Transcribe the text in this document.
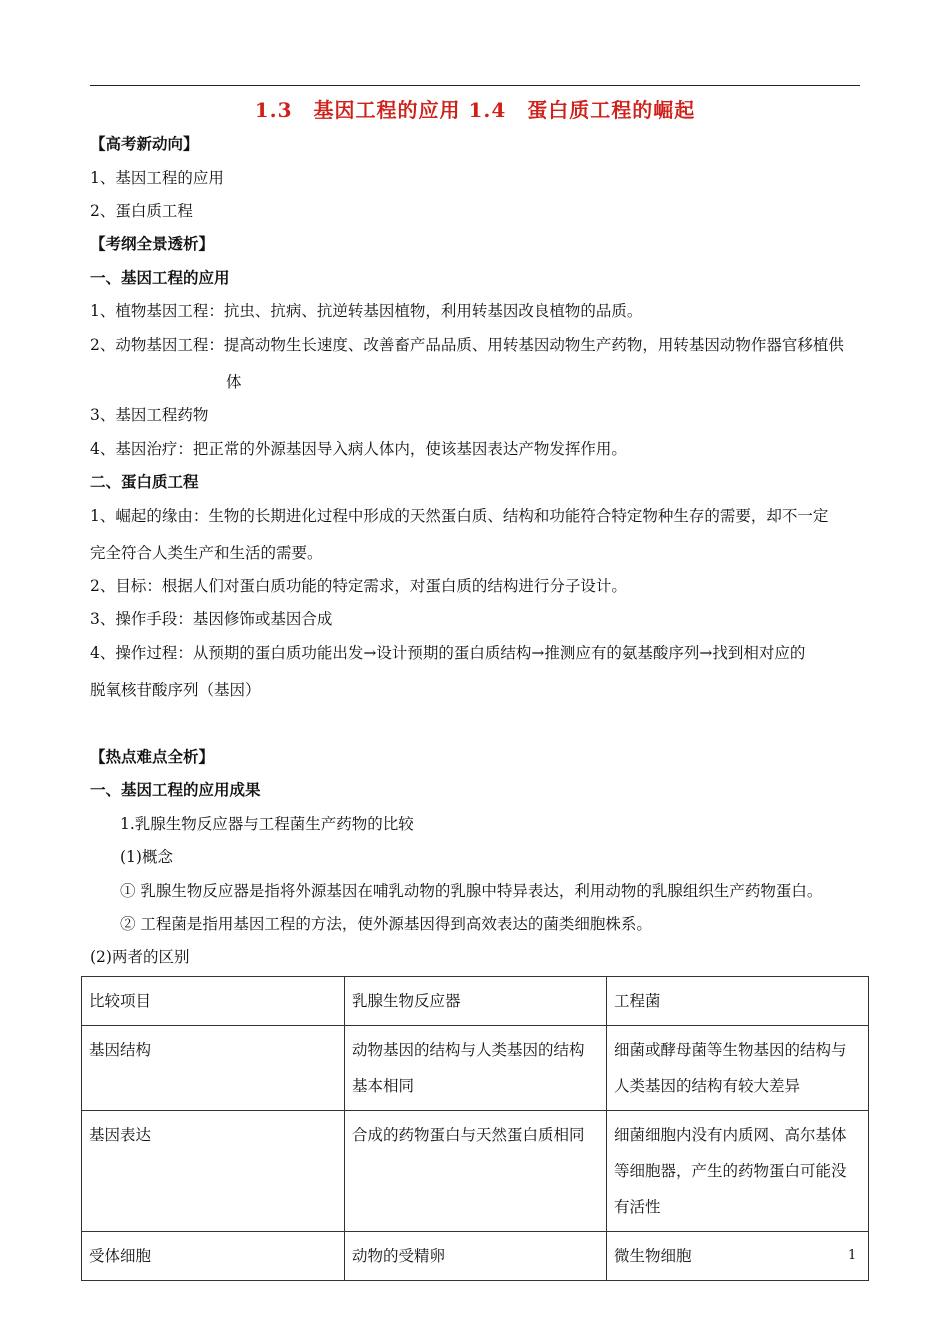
1.3　基因工程的应用 1.4　蛋白质工程的崛起
【高考新动向】
1、基因工程的应用
2、蛋白质工程
【考纲全景透析】
一、基因工程的应用
1、植物基因工程：抗虫、抗病、抗逆转基因植物，利用转基因改良植物的品质。
2、动物基因工程：提高动物生长速度、改善畜产品品质、用转基因动物生产药物，用转基因动物作器官移植供
体
3、基因工程药物
4、基因治疗：把正常的外源基因导入病人体内，使该基因表达产物发挥作用。
二、蛋白质工程
1、崛起的缘由：生物的长期进化过程中形成的天然蛋白质、结构和功能符合特定物种生存的需要，却不一定
完全符合人类生产和生活的需要。
2、目标：根据人们对蛋白质功能的特定需求，对蛋白质的结构进行分子设计。
3、操作手段：基因修饰或基因合成
4、操作过程：从预期的蛋白质功能出发→设计预期的蛋白质结构→推测应有的氨基酸序列→找到相对应的
脱氧核苷酸序列（基因）
【热点难点全析】
一、基因工程的应用成果
1.乳腺生物反应器与工程菌生产药物的比较
(1)概念
① 乳腺生物反应器是指将外源基因在哺乳动物的乳腺中特异表达，利用动物的乳腺组织生产药物蛋白。
② 工程菌是指用基因工程的方法，使外源基因得到高效表达的菌类细胞株系。
(2)两者的区别
比较项目	乳腺生物反应器	工程菌
基因结构	动物基因的结构与人类基因的结构基本相同	细菌或酵母菌等生物基因的结构与人类基因的结构有较大差异
基因表达	合成的药物蛋白与天然蛋白质相同	细菌细胞内没有内质网、高尔基体等细胞器，产生的药物蛋白可能没有活性
受体细胞	动物的受精卵	微生物细胞	1
